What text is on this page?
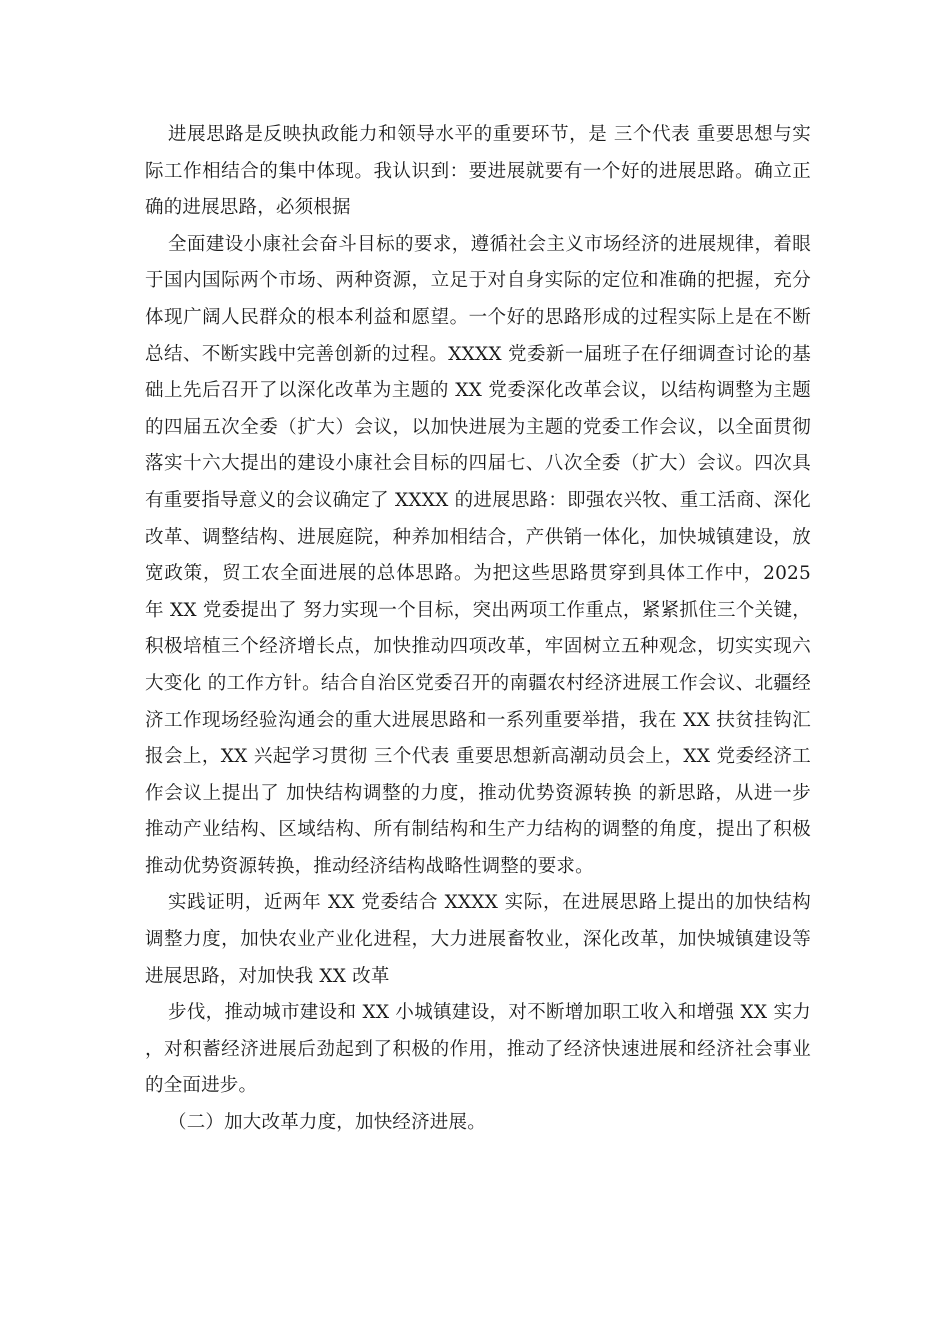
进展思路是反映执政能力和领导水平的重要环节，是 三个代表 重要思想与实际工作相结合的集中体现。我认识到：要进展就要有一个好的进展思路。确立正确的进展思路，必须根据

全面建设小康社会奋斗目标的要求，遵循社会主义市场经济的进展规律，着眼于国内国际两个市场、两种资源，立足于对自身实际的定位和准确的把握，充分体现广阔人民群众的根本利益和愿望。一个好的思路形成的过程实际上是在不断总结、不断实践中完善创新的过程。XXXX 党委新一届班子在仔细调查讨论的基础上先后召开了以深化改革为主题的 XX 党委深化改革会议，以结构调整为主题的四届五次全委（扩大）会议，以加快进展为主题的党委工作会议，以全面贯彻落实十六大提出的建设小康社会目标的四届七、八次全委（扩大）会议。四次具有重要指导意义的会议确定了 XXXX 的进展思路：即强农兴牧、重工活商、深化改革、调整结构、进展庭院，种养加相结合，产供销一体化，加快城镇建设，放宽政策，贸工农全面进展的总体思路。为把这些思路贯穿到具体工作中，2025 年 XX 党委提出了 努力实现一个目标，突出两项工作重点，紧紧抓住三个关键，积极培植三个经济增长点，加快推动四项改革，牢固树立五种观念，切实实现六大变化 的工作方针。结合自治区党委召开的南疆农村经济进展工作会议、北疆经济工作现场经验沟通会的重大进展思路和一系列重要举措，我在 XX 扶贫挂钩汇报会上，XX 兴起学习贯彻 三个代表 重要思想新高潮动员会上，XX 党委经济工作会议上提出了 加快结构调整的力度，推动优势资源转换 的新思路，从进一步推动产业结构、区域结构、所有制结构和生产力结构的调整的角度，提出了积极推动优势资源转换，推动经济结构战略性调整的要求。

实践证明，近两年 XX 党委结合 XXXX 实际，在进展思路上提出的加快结构调整力度，加快农业产业化进程，大力进展畜牧业，深化改革，加快城镇建设等进展思路，对加快我 XX 改革

步伐，推动城市建设和 XX 小城镇建设，对不断增加职工收入和增强 XX 实力，对积蓄经济进展后劲起到了积极的作用，推动了经济快速进展和经济社会事业的全面进步。

（二）加大改革力度，加快经济进展。
